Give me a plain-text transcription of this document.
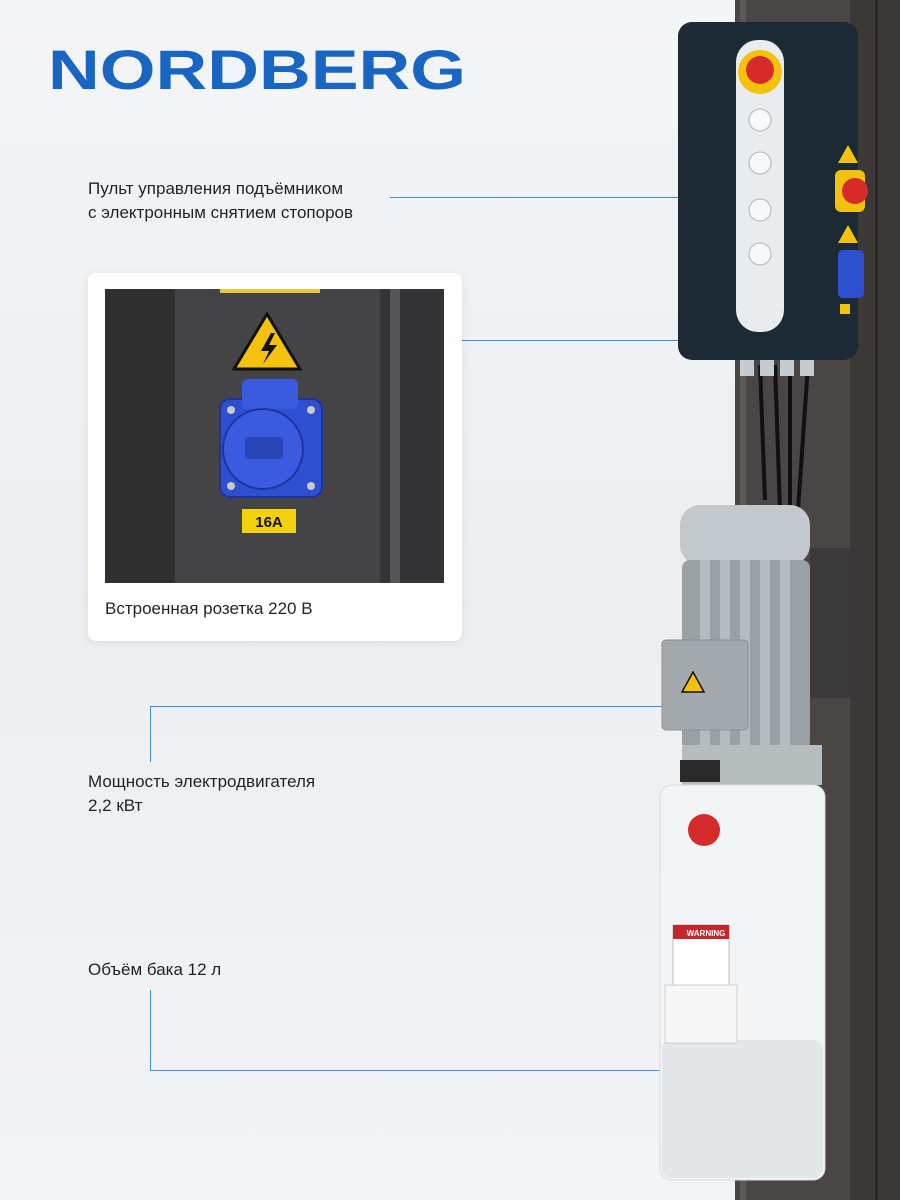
NORDBERG
Пульт управления подъёмником
с электронным снятием стопоров
16A
Встроенная розетка 220 В
Мощность электродвигателя
2,2 кВт
Объём бака 12 л
WARNING
